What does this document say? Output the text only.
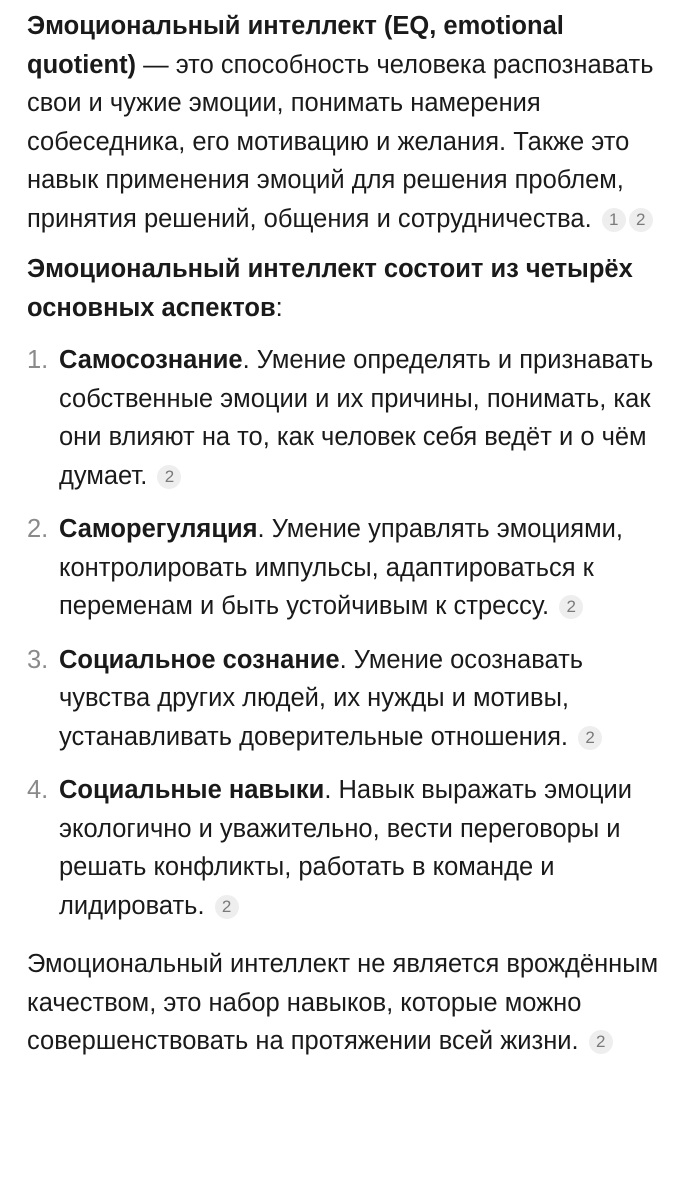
Эмоциональный интеллект (EQ, emotional quotient) — это способность человека распознавать свои и чужие эмоции, понимать намерения собеседника, его мотивацию и желания. Также это навык применения эмоций для решения проблем, принятия решений, общения и сотрудничества. 1 2

Эмоциональный интеллект состоит из четырёх основных аспектов:

1. Самосознание. Умение определять и признавать собственные эмоции и их причины, понимать, как они влияют на то, как человек себя ведёт и о чём думает. 2
2. Саморегуляция. Умение управлять эмоциями, контролировать импульсы, адаптироваться к переменам и быть устойчивым к стрессу. 2
3. Социальное сознание. Умение осознавать чувства других людей, их нужды и мотивы, устанавливать доверительные отношения. 2
4. Социальные навыки. Навык выражать эмоции экологично и уважительно, вести переговоры и решать конфликты, работать в команде и лидировать. 2

Эмоциональный интеллект не является врождённым качеством, это набор навыков, которые можно совершенствовать на протяжении всей жизни. 2
